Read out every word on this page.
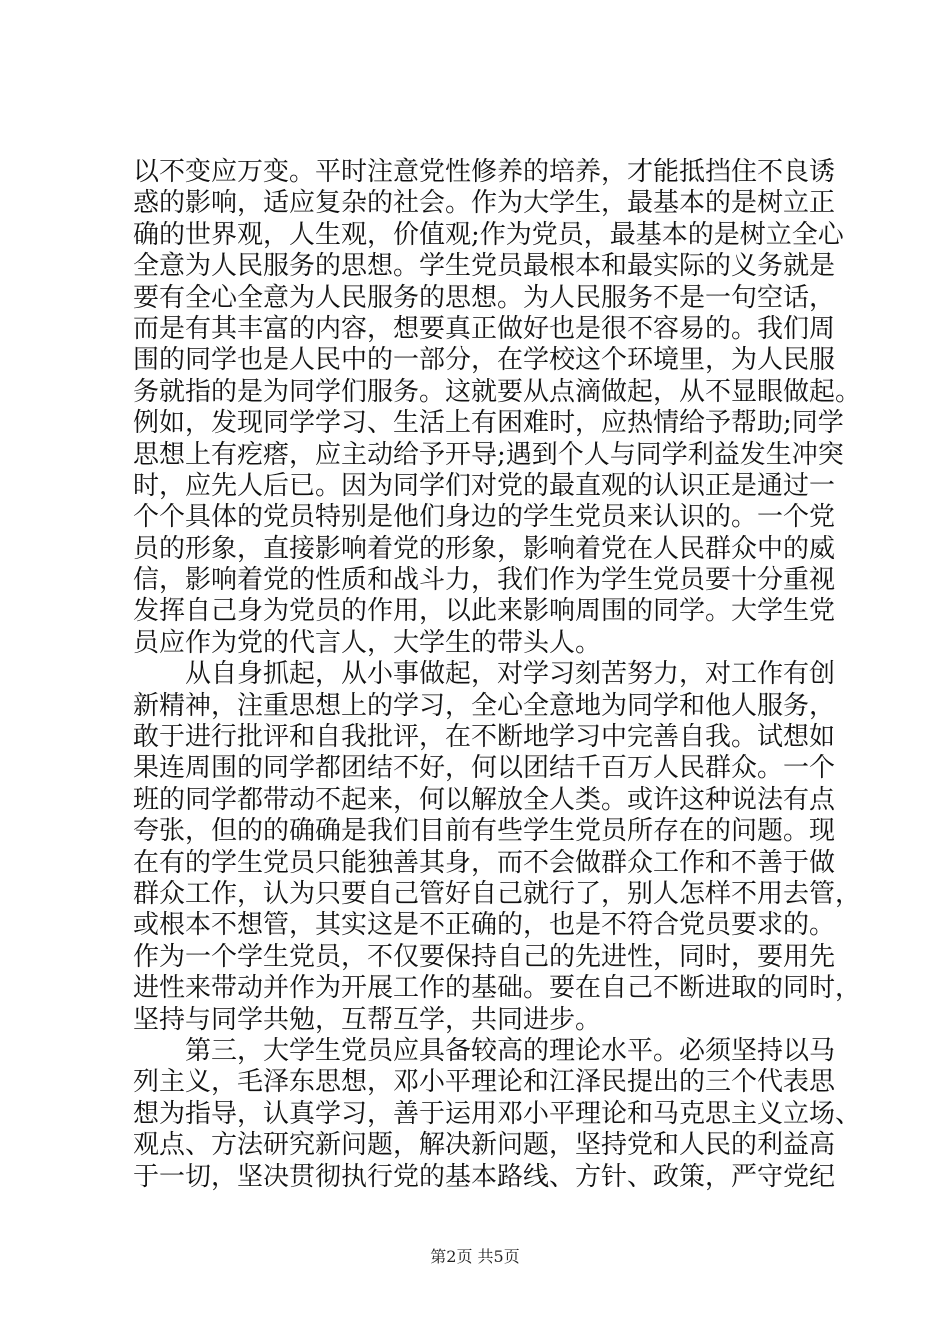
以不变应万变。平时注意党性修养的培养，才能抵挡住不良诱
惑的影响，适应复杂的社会。作为大学生，最基本的是树立正
确的世界观，人生观，价值观;作为党员，最基本的是树立全心
全意为人民服务的思想。学生党员最根本和最实际的义务就是
要有全心全意为人民服务的思想。为人民服务不是一句空话，
而是有其丰富的内容，想要真正做好也是很不容易的。我们周
围的同学也是人民中的一部分，在学校这个环境里，为人民服
务就指的是为同学们服务。这就要从点滴做起，从不显眼做起。
例如，发现同学学习、生活上有困难时，应热情给予帮助;同学
思想上有疙瘩，应主动给予开导;遇到个人与同学利益发生冲突
时，应先人后已。因为同学们对党的最直观的认识正是通过一
个个具体的党员特别是他们身边的学生党员来认识的。一个党
员的形象，直接影响着党的形象，影响着党在人民群众中的威
信，影响着党的性质和战斗力，我们作为学生党员要十分重视
发挥自己身为党员的作用，以此来影响周围的同学。大学生党
员应作为党的代言人，大学生的带头人。
从自身抓起，从小事做起，对学习刻苦努力，对工作有创
新精神，注重思想上的学习，全心全意地为同学和他人服务，
敢于进行批评和自我批评，在不断地学习中完善自我。试想如
果连周围的同学都团结不好，何以团结千百万人民群众。一个
班的同学都带动不起来，何以解放全人类。或许这种说法有点
夸张，但的的确确是我们目前有些学生党员所存在的问题。现
在有的学生党员只能独善其身，而不会做群众工作和不善于做
群众工作，认为只要自己管好自己就行了，别人怎样不用去管，
或根本不想管，其实这是不正确的，也是不符合党员要求的。
作为一个学生党员，不仅要保持自己的先进性，同时，要用先
进性来带动并作为开展工作的基础。要在自己不断进取的同时，
坚持与同学共勉，互帮互学，共同进步。
第三，大学生党员应具备较高的理论水平。必须坚持以马
列主义，毛泽东思想，邓小平理论和江泽民提出的三个代表思
想为指导，认真学习，善于运用邓小平理论和马克思主义立场、
观点、方法研究新问题，解决新问题，坚持党和人民的利益高
于一切，坚决贯彻执行党的基本路线、方针、政策，严守党纪
第2页 共5页
